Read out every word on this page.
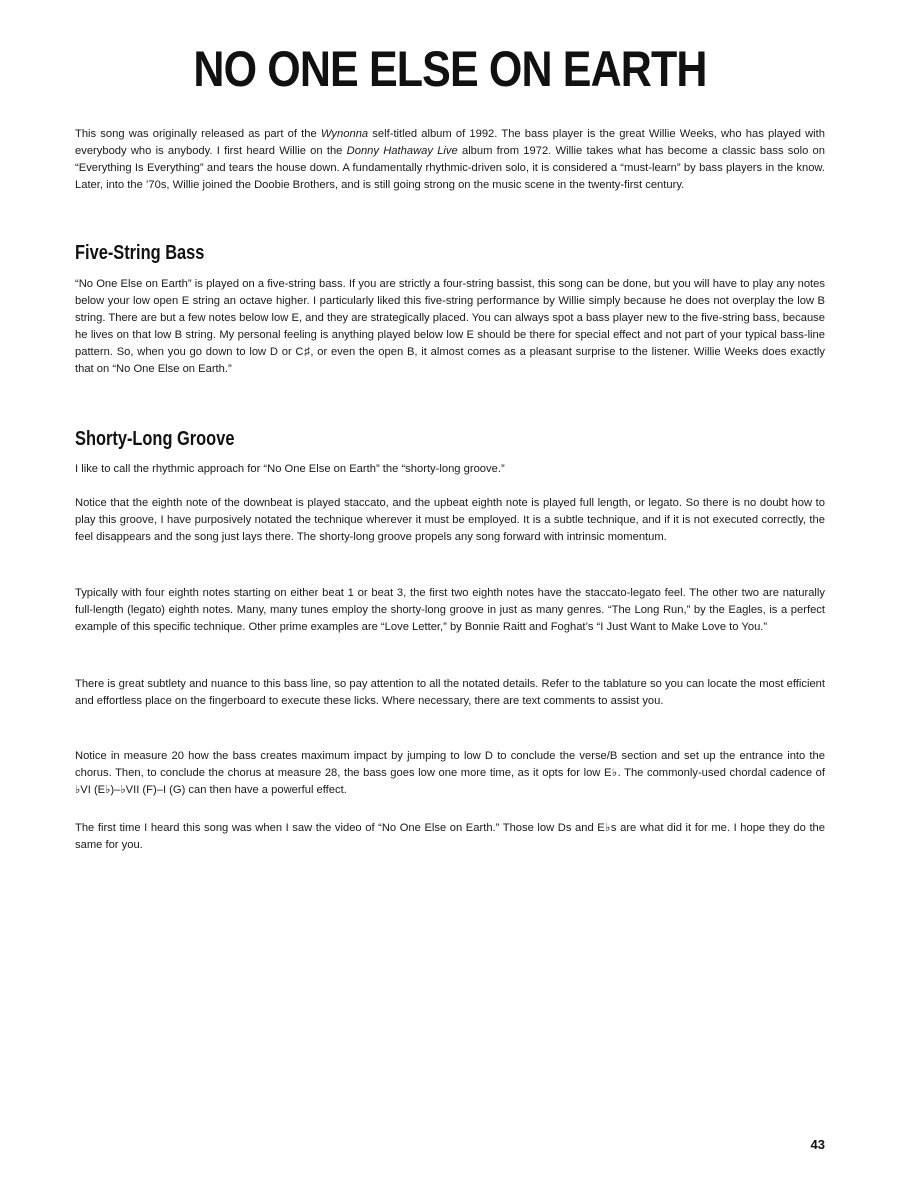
NO ONE ELSE ON EARTH

This song was originally released as part of the Wynonna self-titled album of 1992. The bass player is the great Willie Weeks, who has played with everybody who is anybody. I first heard Willie on the Donny Hathaway Live album from 1972. Willie takes what has become a classic bass solo on “Everything Is Everything” and tears the house down. A fundamentally rhythmic-driven solo, it is considered a “must-learn” by bass players in the know. Later, into the ’70s, Willie joined the Doobie Brothers, and is still going strong on the music scene in the twenty-first century.

Five-String Bass

“No One Else on Earth” is played on a five-string bass. If you are strictly a four-string bassist, this song can be done, but you will have to play any notes below your low open E string an octave higher. I particularly liked this five-string performance by Willie simply because he does not overplay the low B string. There are but a few notes below low E, and they are strategically placed. You can always spot a bass player new to the five-string bass, because he lives on that low B string. My personal feeling is anything played below low E should be there for special effect and not part of your typical bass-line pattern. So, when you go down to low D or C♯, or even the open B, it almost comes as a pleasant surprise to the listener. Willie Weeks does exactly that on “No One Else on Earth.”

Shorty-Long Groove

I like to call the rhythmic approach for “No One Else on Earth” the “shorty-long groove.”

Notice that the eighth note of the downbeat is played staccato, and the upbeat eighth note is played full length, or legato. So there is no doubt how to play this groove, I have purposively notated the technique wherever it must be employed. It is a subtle technique, and if it is not executed correctly, the feel disappears and the song just lays there. The shorty-long groove propels any song forward with intrinsic momentum.

Typically with four eighth notes starting on either beat 1 or beat 3, the first two eighth notes have the staccato-legato feel. The other two are naturally full-length (legato) eighth notes. Many, many tunes employ the shorty-long groove in just as many genres. “The Long Run,” by the Eagles, is a perfect example of this specific technique. Other prime examples are “Love Letter,” by Bonnie Raitt and Foghat’s “I Just Want to Make Love to You.”

There is great subtlety and nuance to this bass line, so pay attention to all the notated details. Refer to the tablature so you can locate the most efficient and effortless place on the fingerboard to execute these licks. Where necessary, there are text comments to assist you.

Notice in measure 20 how the bass creates maximum impact by jumping to low D to conclude the verse/B section and set up the entrance into the chorus. Then, to conclude the chorus at measure 28, the bass goes low one more time, as it opts for low E♭. The commonly-used chordal cadence of ♭VI (E♭)–♭VII (F)–I (G) can then have a powerful effect.

The first time I heard this song was when I saw the video of “No One Else on Earth.” Those low Ds and E♭s are what did it for me. I hope they do the same for you.

43
